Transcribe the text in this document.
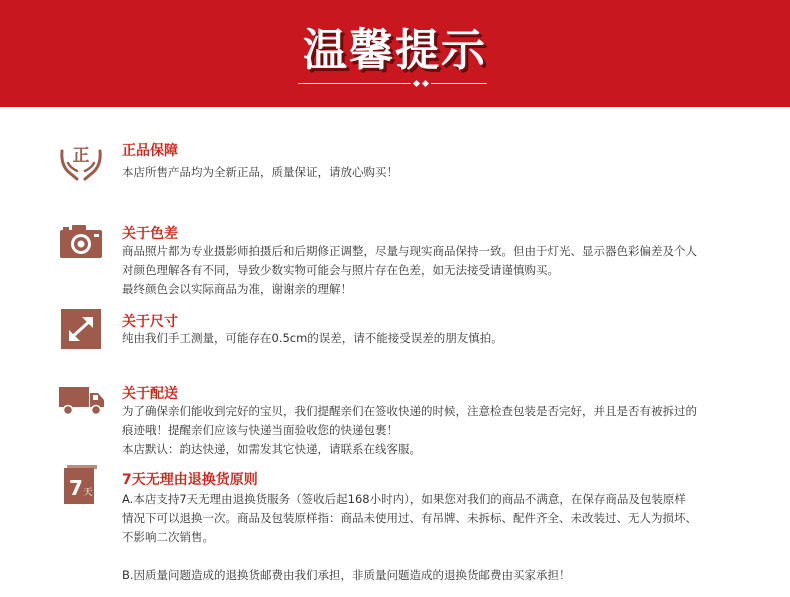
温馨提示
正 正品保障

本店所售产品均为全新正品，质量保证，请放心购买！

关于色差

商品照片都为专业摄影师拍摄后和后期修正调整，尽量与现实商品保持一致。但由于灯光、显示器色彩偏差及个人

对颜色理解各有不同，导致少数实物可能会与照片存在色差，如无法接受请谨慎购买。

最终颜色会以实际商品为准，谢谢亲的理解！

关于尺寸

纯由我们手工测量，可能存在0.5cm的误差，请不能接受误差的朋友慎拍。

关于配送

为了确保亲们能收到完好的宝贝，我们提醒亲们在签收快递的时候，注意检查包装是否完好，并且是否有被拆过的

痕迹哦！提醒亲们应该与快递当面验收您的快递包裹！

本店默认：韵达快递，如需发其它快递，请联系在线客服。

7 天
7天无理由退换货原则

A.本店支持7天无理由退换货服务（签收后起168小时内），如果您对我们的商品不满意，在保存商品及包装原样

情况下可以退换一次。商品及包装原样指：商品未使用过、有吊牌、未拆标、配件齐全、未改装过、无人为损坏、

不影响二次销售。

B.因质量问题造成的退换货邮费由我们承担，非质量问题造成的退换货邮费由买家承担！
